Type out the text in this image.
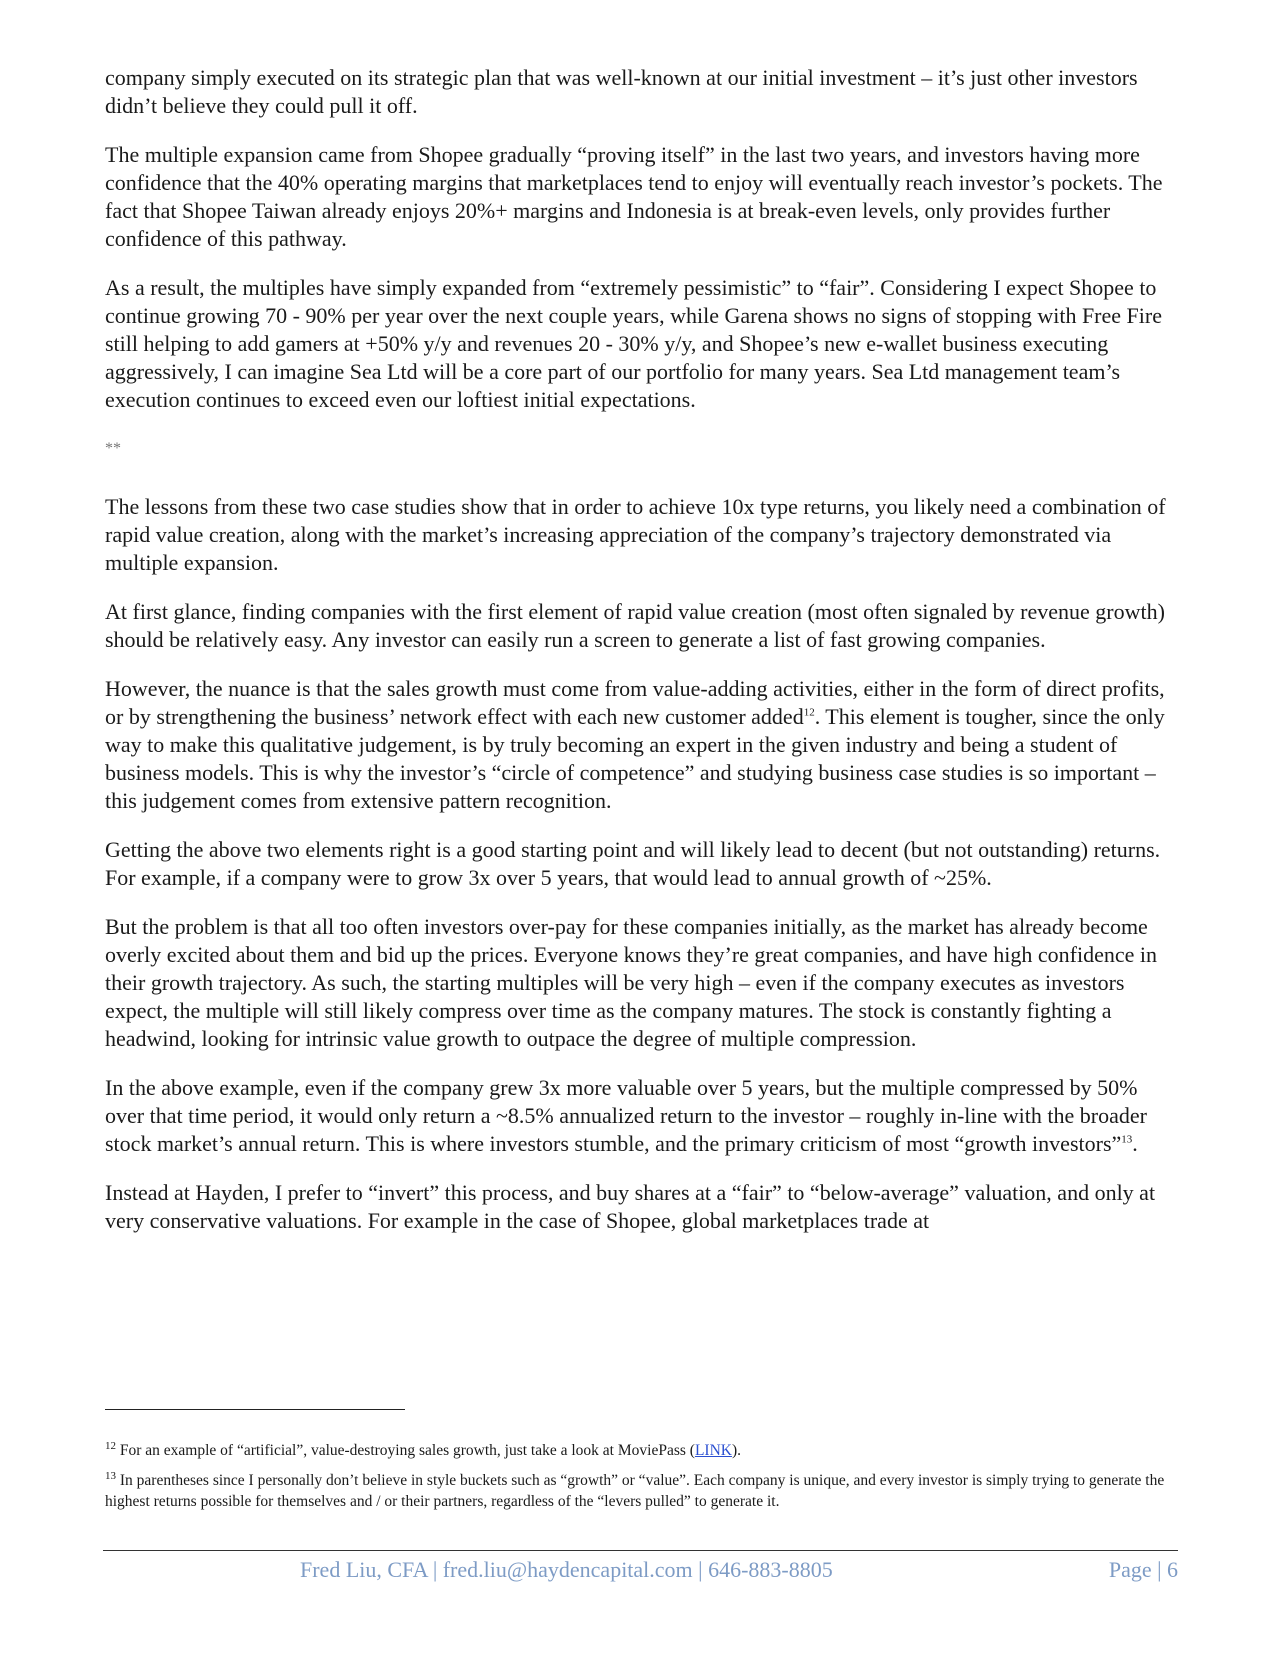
company simply executed on its strategic plan that was well-known at our initial investment – it’s just other investors didn’t believe they could pull it off.

The multiple expansion came from Shopee gradually “proving itself” in the last two years, and investors having more confidence that the 40% operating margins that marketplaces tend to enjoy will eventually reach investor’s pockets. The fact that Shopee Taiwan already enjoys 20%+ margins and Indonesia is at break-even levels, only provides further confidence of this pathway.

As a result, the multiples have simply expanded from “extremely pessimistic” to “fair”. Considering I expect Shopee to continue growing 70 - 90% per year over the next couple years, while Garena shows no signs of stopping with Free Fire still helping to add gamers at +50% y/y and revenues 20 - 30% y/y, and Shopee’s new e-wallet business executing aggressively, I can imagine Sea Ltd will be a core part of our portfolio for many years. Sea Ltd management team’s execution continues to exceed even our loftiest initial expectations.

**

The lessons from these two case studies show that in order to achieve 10x type returns, you likely need a combination of rapid value creation, along with the market’s increasing appreciation of the company’s trajectory demonstrated via multiple expansion.

At first glance, finding companies with the first element of rapid value creation (most often signaled by revenue growth) should be relatively easy. Any investor can easily run a screen to generate a list of fast growing companies.

However, the nuance is that the sales growth must come from value-adding activities, either in the form of direct profits, or by strengthening the business’ network effect with each new customer added$^{12}$. This element is tougher, since the only way to make this qualitative judgement, is by truly becoming an expert in the given industry and being a student of business models. This is why the investor’s “circle of competence” and studying business case studies is so important – this judgement comes from extensive pattern recognition.

Getting the above two elements right is a good starting point and will likely lead to decent (but not outstanding) returns. For example, if a company were to grow 3x over 5 years, that would lead to annual growth of ~25%.

But the problem is that all too often investors over-pay for these companies initially, as the market has already become overly excited about them and bid up the prices. Everyone knows they’re great companies, and have high confidence in their growth trajectory. As such, the starting multiples will be very high – even if the company executes as investors expect, the multiple will still likely compress over time as the company matures. The stock is constantly fighting a headwind, looking for intrinsic value growth to outpace the degree of multiple compression.

In the above example, even if the company grew 3x more valuable over 5 years, but the multiple compressed by 50% over that time period, it would only return a ~8.5% annualized return to the investor – roughly in-line with the broader stock market’s annual return. This is where investors stumble, and the primary criticism of most “growth investors”$^{13}$.

Instead at Hayden, I prefer to “invert” this process, and buy shares at a “fair” to “below-average” valuation, and only at very conservative valuations. For example in the case of Shopee, global marketplaces trade at

$^{12}$ For an example of “artificial”, value-destroying sales growth, just take a look at MoviePass (LINK).

$^{13}$ In parentheses since I personally don’t believe in style buckets such as “growth” or “value”. Each company is unique, and every investor is simply trying to generate the highest returns possible for themselves and / or their partners, regardless of the “levers pulled” to generate it.

Fred Liu, CFA | fred.liu@haydencapital.com | 646-883-8805	Page | 6
